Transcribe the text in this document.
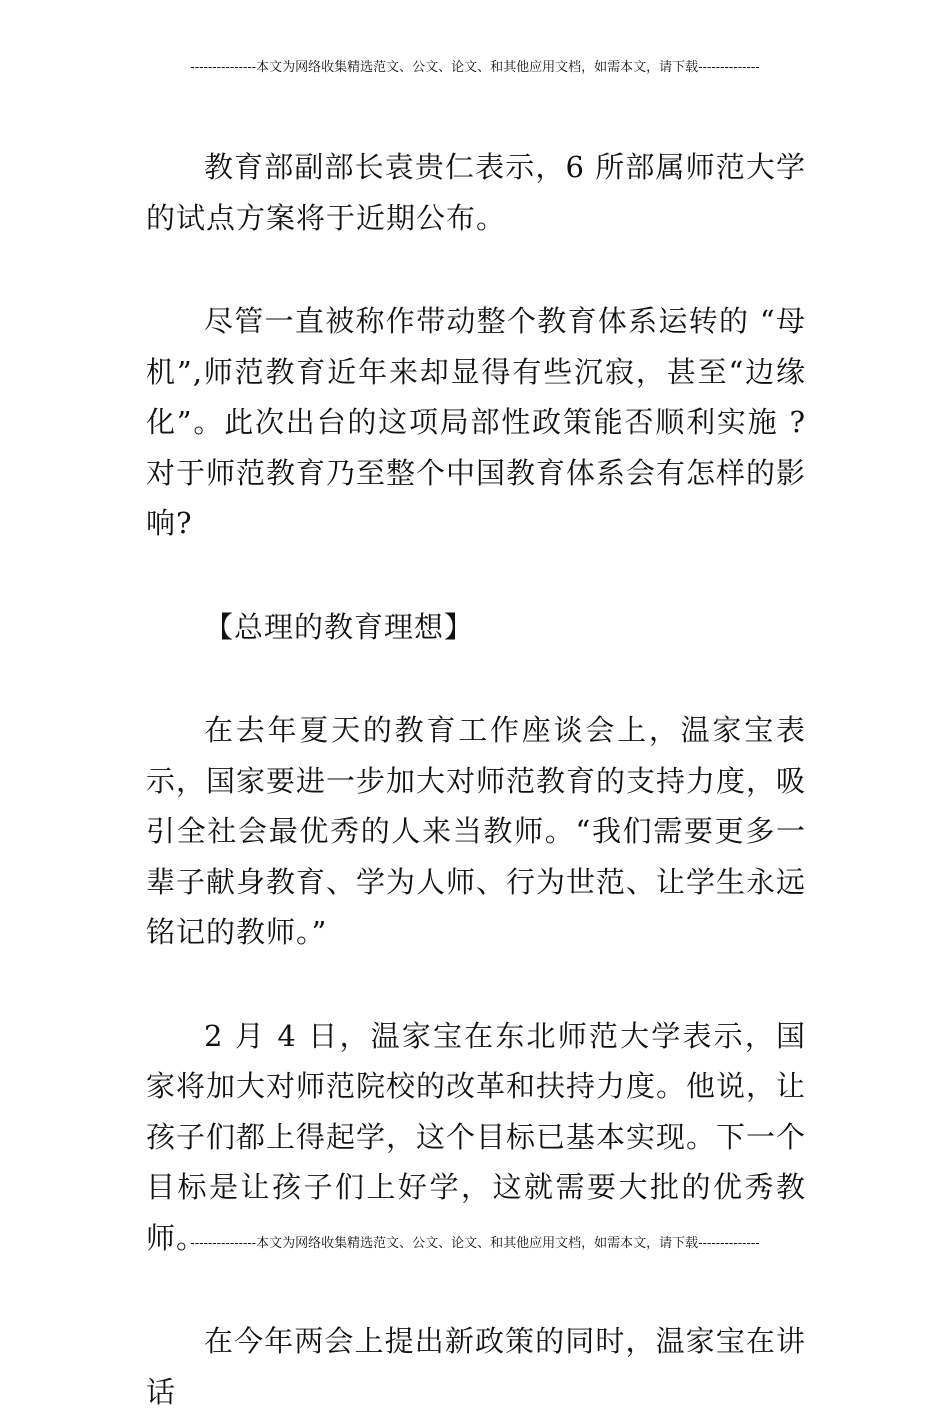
---------------本文为网络收集精选范文、公文、论文、和其他应用文档，如需本文，请下载--------------

教育部副部长袁贵仁表示，6 所部属师范大学的试点方案将于近期公布。

尽管一直被称作带动整个教育体系运转的 “母机”,师范教育近年来却显得有些沉寂，甚至“边缘化”。此次出台的这项局部性政策能否顺利实施 ?对于师范教育乃至整个中国教育体系会有怎样的影响?

【总理的教育理想】

在去年夏天的教育工作座谈会上，温家宝表示，国家要进一步加大对师范教育的支持力度，吸引全社会最优秀的人来当教师。“我们需要更多一辈子献身教育、学为人师、行为世范、让学生永远铭记的教师。”

2 月 4 日，温家宝在东北师范大学表示，国家将加大对师范院校的改革和扶持力度。他说，让孩子们都上得起学，这个目标已基本实现。下一个目标是让孩子们上好学，这就需要大批的优秀教师。

在今年两会上提出新政策的同时，温家宝在讲话

---------------本文为网络收集精选范文、公文、论文、和其他应用文档，如需本文，请下载--------------
